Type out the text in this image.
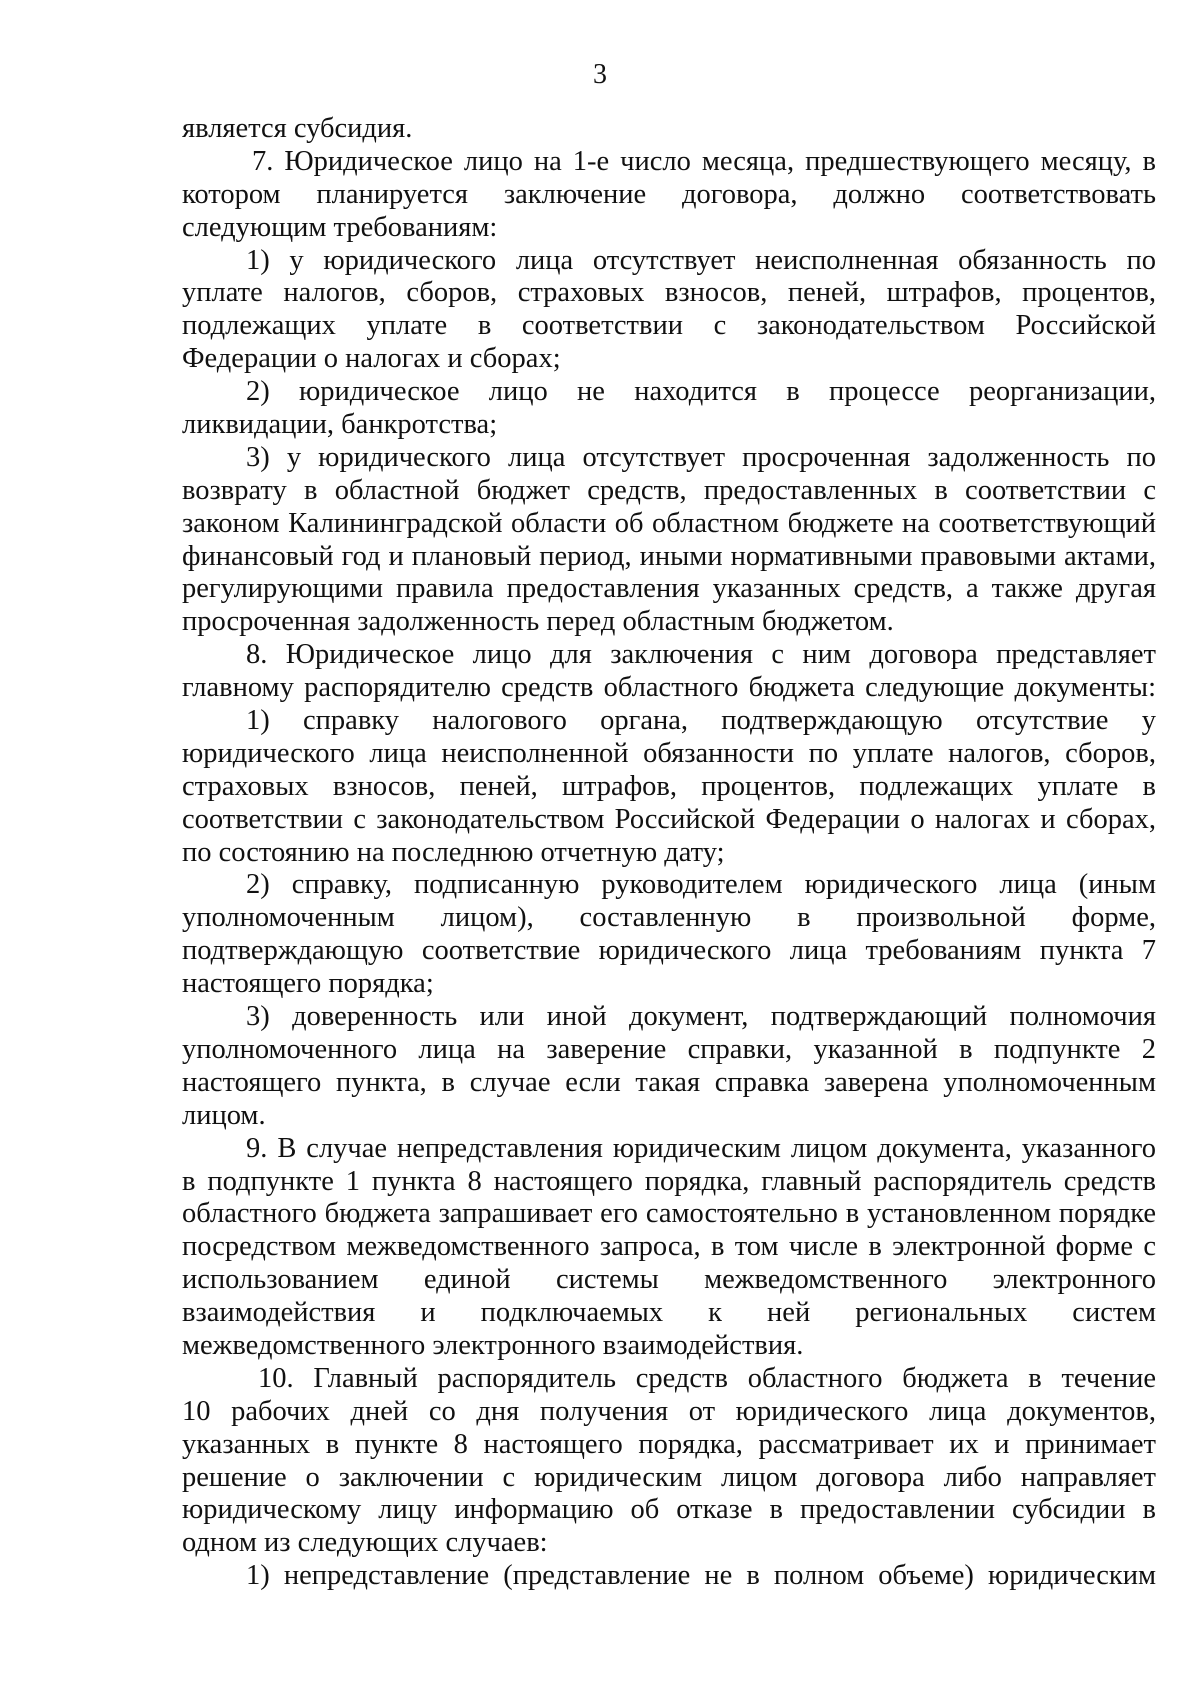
3
является субсидия.
7. Юридическое лицо на 1-е число месяца, предшествующего месяцу, в
котором планируется заключение договора, должно соответствовать
следующим требованиям:
1) у юридического лица отсутствует неисполненная обязанность по
уплате налогов, сборов, страховых взносов, пеней, штрафов, процентов,
подлежащих уплате в соответствии с законодательством Российской
Федерации о налогах и сборах;
2) юридическое лицо не находится в процессе реорганизации,
ликвидации, банкротства;
3) у юридического лица отсутствует просроченная задолженность по
возврату в областной бюджет средств, предоставленных в соответствии с
законом Калининградской области об областном бюджете на соответствующий
финансовый год и плановый период, иными нормативными правовыми актами,
регулирующими правила предоставления указанных средств, а также другая
просроченная задолженность перед областным бюджетом.
8. Юридическое лицо для заключения с ним договора представляет
главному распорядителю средств областного бюджета следующие документы:
1) справку налогового органа, подтверждающую отсутствие у
юридического лица неисполненной обязанности по уплате налогов, сборов,
страховых взносов, пеней, штрафов, процентов, подлежащих уплате в
соответствии с законодательством Российской Федерации о налогах и сборах,
по состоянию на последнюю отчетную дату;
2) справку, подписанную руководителем юридического лица (иным
уполномоченным лицом), составленную в произвольной форме,
подтверждающую соответствие юридического лица требованиям пункта 7
настоящего порядка;
3) доверенность или иной документ, подтверждающий полномочия
уполномоченного лица на заверение справки, указанной в подпункте 2
настоящего пункта, в случае если такая справка заверена уполномоченным
лицом.
9. В случае непредставления юридическим лицом документа, указанного
в подпункте 1 пункта 8 настоящего порядка, главный распорядитель средств
областного бюджета запрашивает его самостоятельно в установленном порядке
посредством межведомственного запроса, в том числе в электронной форме с
использованием единой системы межведомственного электронного
взаимодействия и подключаемых к ней региональных систем
межведомственного электронного взаимодействия.
10. Главный распорядитель средств областного бюджета в течение
10 рабочих дней со дня получения от юридического лица документов,
указанных в пункте 8 настоящего порядка, рассматривает их и принимает
решение о заключении с юридическим лицом договора либо направляет
юридическому лицу информацию об отказе в предоставлении субсидии в
одном из следующих случаев:
1) непредставление (представление не в полном объеме) юридическим
